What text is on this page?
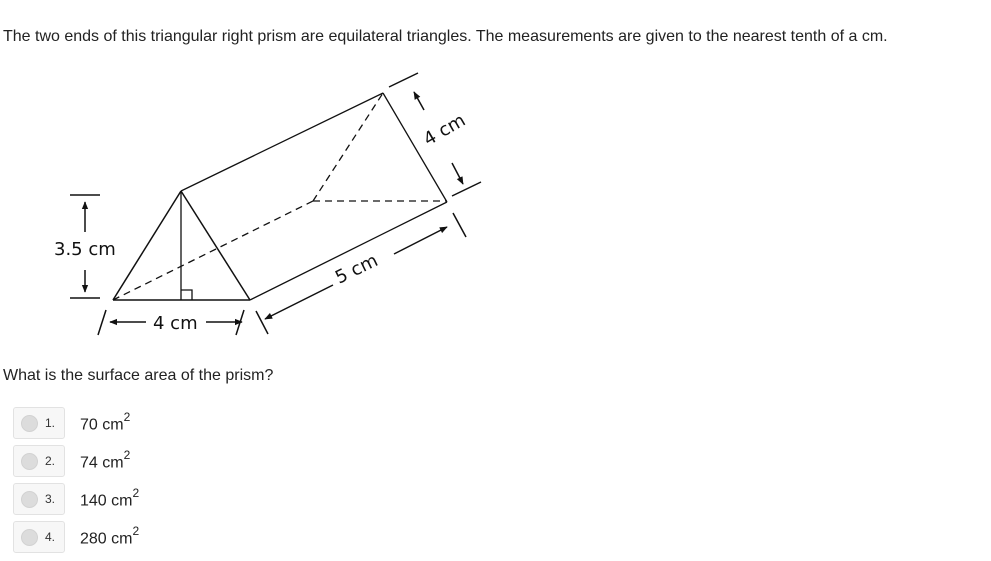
The two ends of this triangular right prism are equilateral triangles. The measurements are given to the nearest tenth of a cm.

3.5 cm
4 cm
5 cm
4 cm

What is the surface area of the prism?

1. 70 $cm^2$
2. 74 $cm^2$
3. 140 $cm^2$
4. 280 $cm^2$
